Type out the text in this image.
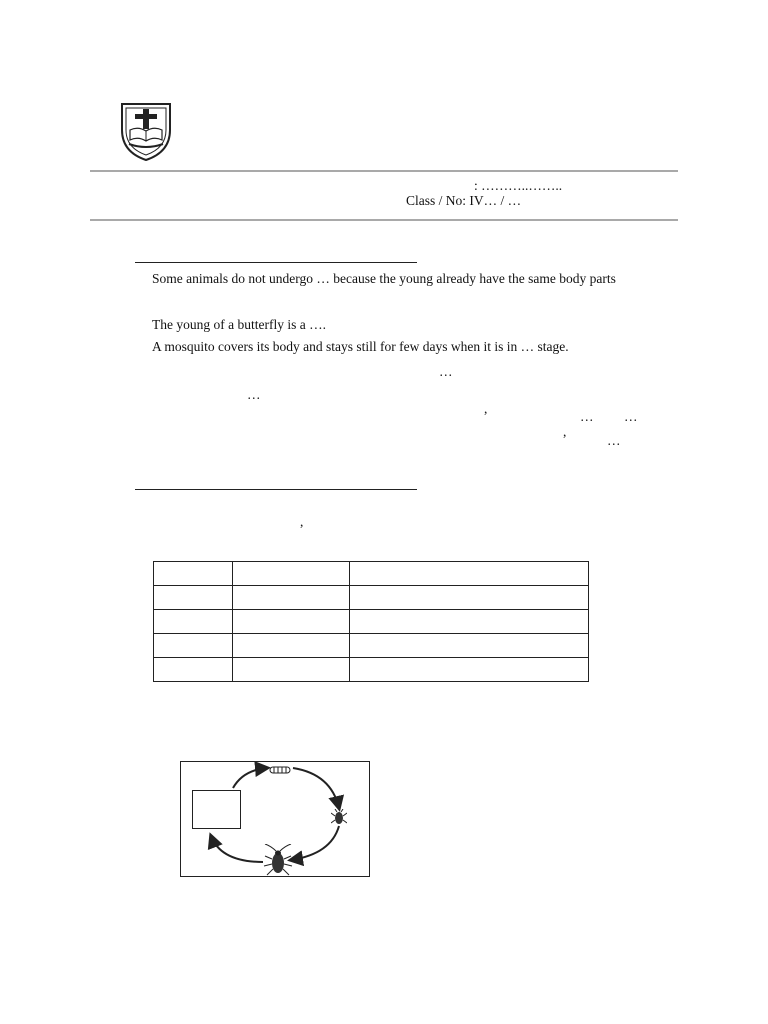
: ………..……..
Class / No: IV… / …
Some animals do not undergo … because the young already have the same body parts
The young of a butterfly is a ….
A mosquito covers its body and stays still for few days when it is in … stage.
…
…
,
… …
,
…
,
